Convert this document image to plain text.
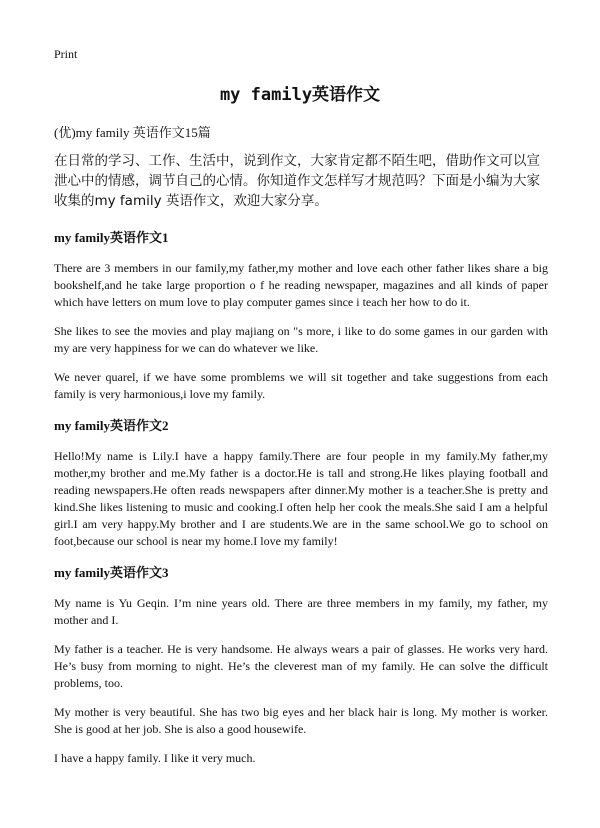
Print
my family英语作文

(优)my family 英语作文15篇

在日常的学习、工作、生活中，说到作文，大家肯定都不陌生吧，借助作文可以宣泄心中的情感，调节自己的心情。你知道作文怎样写才规范吗？下面是小编为大家收集的my family 英语作文，欢迎大家分享。

my family英语作文1

There are 3 members in our family,my father,my mother and love each other father likes share a big bookshelf,and he take large proportion o f he reading newspaper, magazines and all kinds of paper which have letters on mum love to play computer games since i teach her how to do it.

She likes to see the movies and play majiang on "s more, i like to do some games in our garden with my are very happiness for we can do whatever we like.

We never quarel, if we have some promblems we will sit together and take suggestions from each family is very harmonious,i love my family.

my family英语作文2

Hello!My name is Lily.I have a happy family.There are four people in my family.My father,my mother,my brother and me.My father is a doctor.He is tall and strong.He likes playing football and reading newspapers.He often reads newspapers after dinner.My mother is a teacher.She is pretty and kind.She likes listening to music and cooking.I often help her cook the meals.She said I am a helpful girl.I am very happy.My brother and I are students.We are in the same school.We go to school on foot,because our school is near my home.I love my family!

my family英语作文3

My name is Yu Geqin. I’m nine years old. There are three members in my family, my father, my mother and I.

My father is a teacher. He is very handsome. He always wears a pair of glasses. He works very hard. He’s busy from morning to night. He’s the cleverest man of my family. He can solve the difficult problems, too.

My mother is very beautiful. She has two big eyes and her black hair is long. My mother is worker. She is good at her job. She is also a good housewife.

I have a happy family. I like it very much.
